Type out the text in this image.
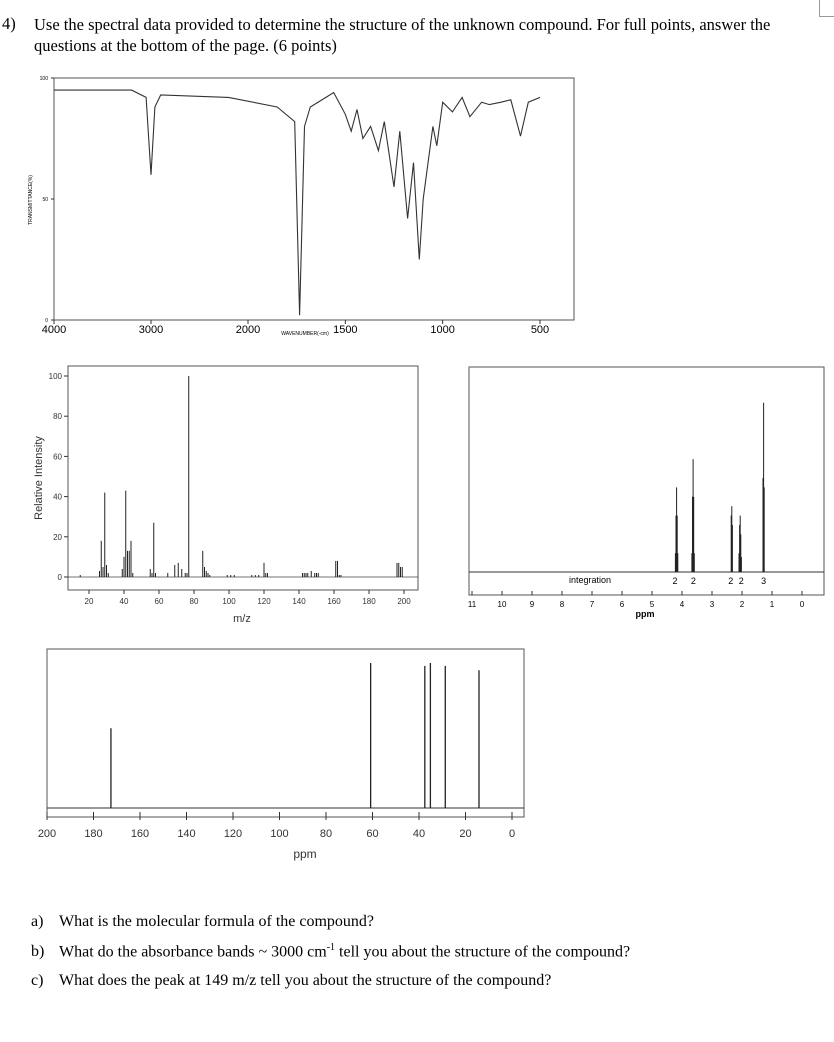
4) Use the spectral data provided to determine the structure of the unknown compound. For full points, answer the questions at the bottom of the page. (6 points)
4000	3000	2000	1500	1000	500
0
50
100
WAVENUMBER(-cm)
TRANSMITTANCE(%)
20	40	60	80	100	120	140	160	180	200
0
20
40
60
80
100
m/z
Relative Intensity
11	10	9	8	7	6	5	4	3	2	1	0
2 2	2 2 3
integration
ppm
200	180	160	140	120	100	80	60	40	20	0
ppm
a) What is the molecular formula of the compound?
b) What do the absorbance bands ~ 3000 $cm^{-1}$ tell you about the structure of the compound?
c) What does the peak at 149 m/z tell you about the structure of the compound?
